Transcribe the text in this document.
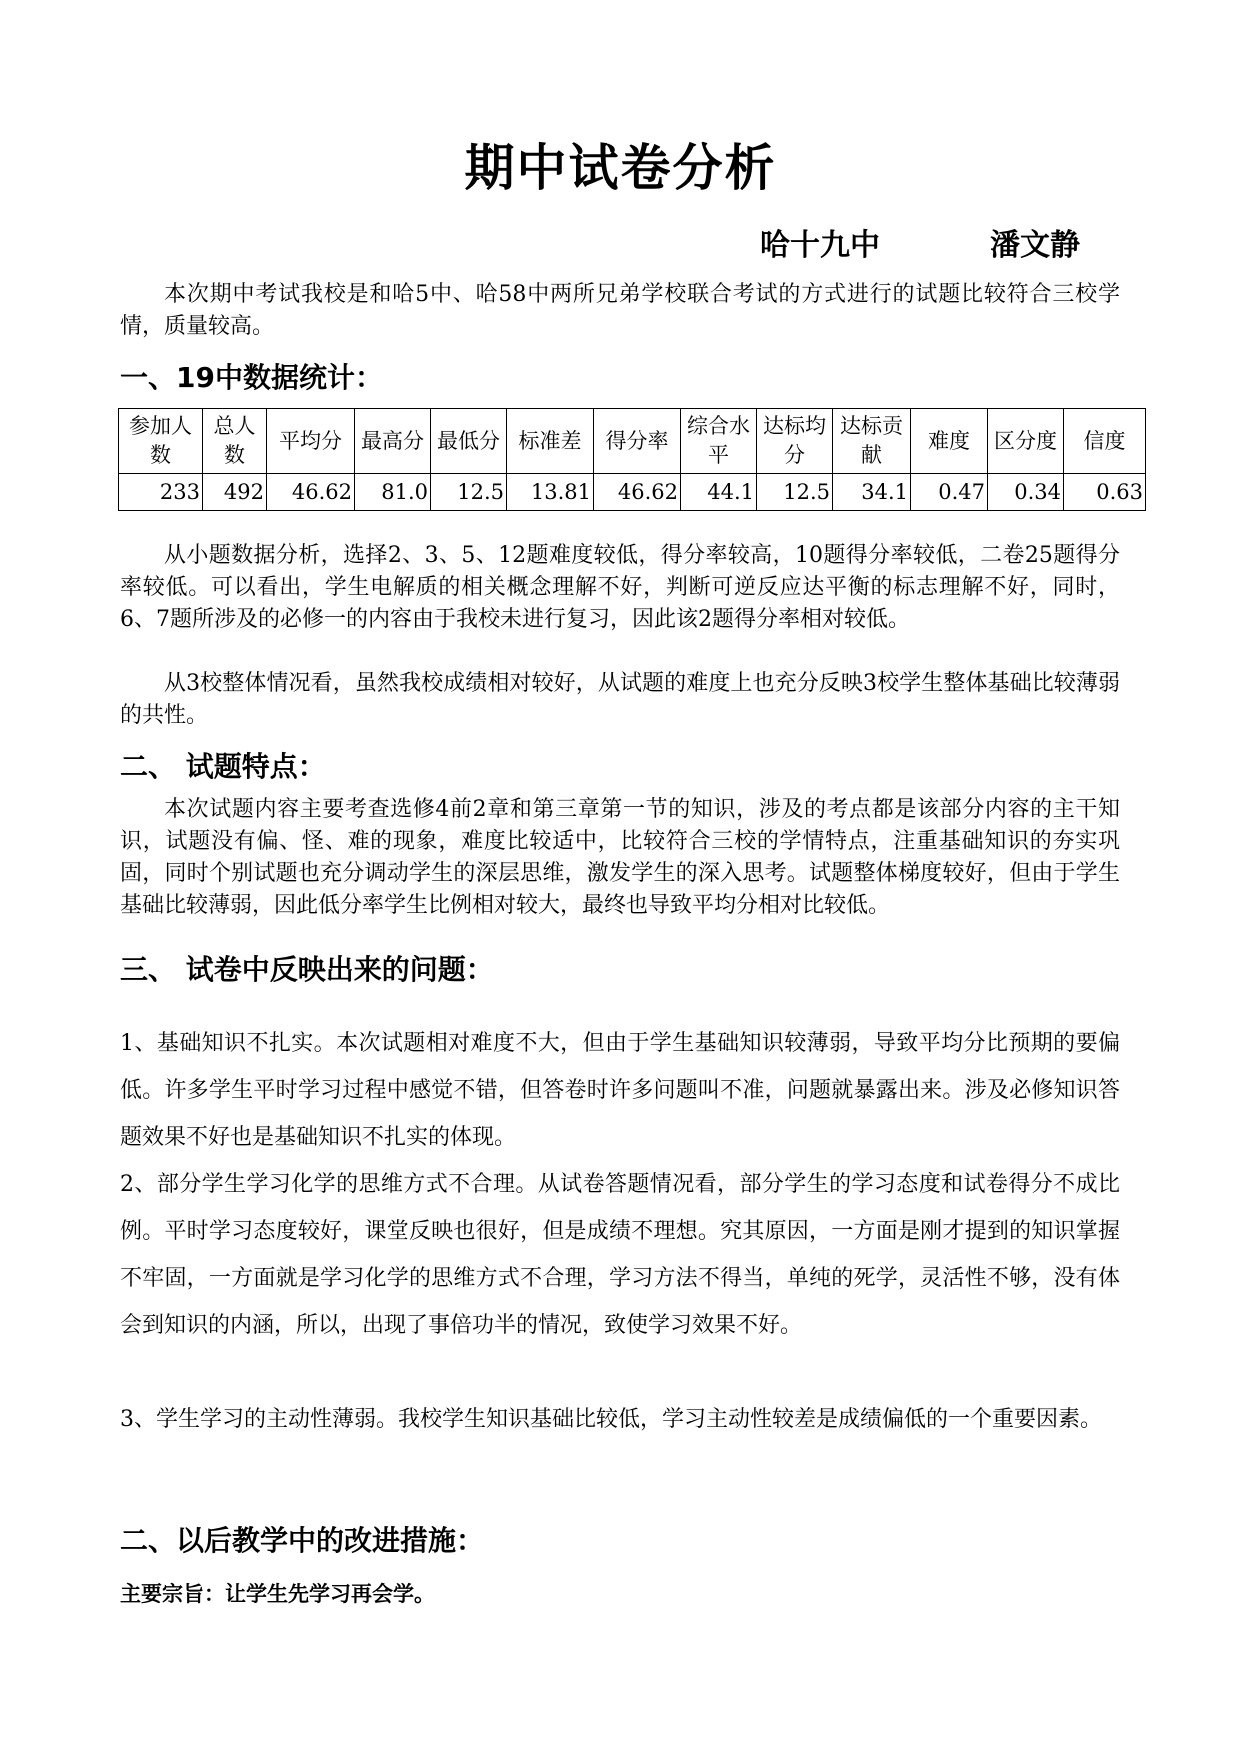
期中试卷分析
哈十九中	潘文静

本次期中考试我校是和哈5中、哈58中两所兄弟学校联合考试的方式进行的试题比较符合三校学情，质量较高。

一、19中数据统计：
参加人数	总人数	平均分	最高分	最低分	标准差	得分率	综合水平	达标均分	达标贡献	难度	区分度	信度
233	492	46.62	81.0	12.5	13.81	46.62	44.1	12.5	34.1	0.47	0.34	0.63

从小题数据分析，选择2、3、5、12题难度较低，得分率较高，10题得分率较低，二卷25题得分率较低。可以看出，学生电解质的相关概念理解不好，判断可逆反应达平衡的标志理解不好，同时，6、7题所涉及的必修一的内容由于我校未进行复习，因此该2题得分率相对较低。

从3校整体情况看，虽然我校成绩相对较好，从试题的难度上也充分反映3校学生整体基础比较薄弱的共性。

二、 试题特点：

本次试题内容主要考查选修4前2章和第三章第一节的知识，涉及的考点都是该部分内容的主干知识，试题没有偏、怪、难的现象，难度比较适中，比较符合三校的学情特点，注重基础知识的夯实巩固，同时个别试题也充分调动学生的深层思维，激发学生的深入思考。试题整体梯度较好，但由于学生基础比较薄弱，因此低分率学生比例相对较大，最终也导致平均分相对比较低。

三、 试卷中反映出来的问题：

1、基础知识不扎实。本次试题相对难度不大，但由于学生基础知识较薄弱，导致平均分比预期的要偏低。许多学生平时学习过程中感觉不错，但答卷时许多问题叫不准，问题就暴露出来。涉及必修知识答题效果不好也是基础知识不扎实的体现。

2、部分学生学习化学的思维方式不合理。从试卷答题情况看，部分学生的学习态度和试卷得分不成比例。平时学习态度较好，课堂反映也很好，但是成绩不理想。究其原因，一方面是刚才提到的知识掌握不牢固，一方面就是学习化学的思维方式不合理，学习方法不得当，单纯的死学，灵活性不够，没有体会到知识的内涵，所以，出现了事倍功半的情况，致使学习效果不好。

3、学生学习的主动性薄弱。我校学生知识基础比较低，学习主动性较差是成绩偏低的一个重要因素。

二、以后教学中的改进措施：
主要宗旨：让学生先学习再会学。
